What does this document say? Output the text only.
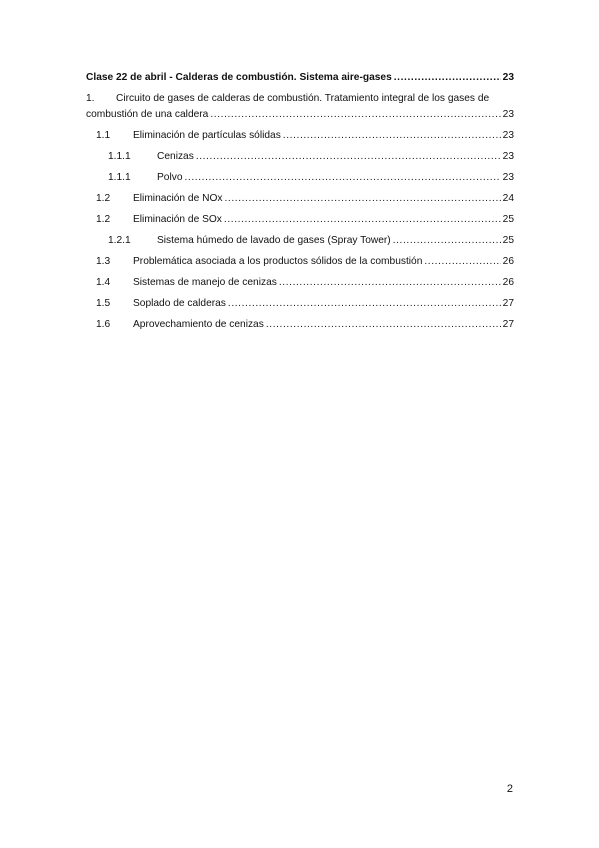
Clase 22 de abril - Calderas de combustión. Sistema aire-gases .....	23
1. Circuito de gases de calderas de combustión. Tratamiento integral de los gases de
combustión de una caldera .....	23
1.1	Eliminación de partículas sólidas .....	23
1.1.1	Cenizas .....	23
1.1.1	Polvo .....	23
1.2	Eliminación de NOx .....	24
1.2	Eliminación de SOx .....	25
1.2.1	Sistema húmedo de lavado de gases (Spray Tower) .....	25
1.3	Problemática asociada a los productos sólidos de la combustión .....	26
1.4	Sistemas de manejo de cenizas .....	26
1.5	Soplado de calderas .....	27
1.6	Aprovechamiento de cenizas .....	27
2
